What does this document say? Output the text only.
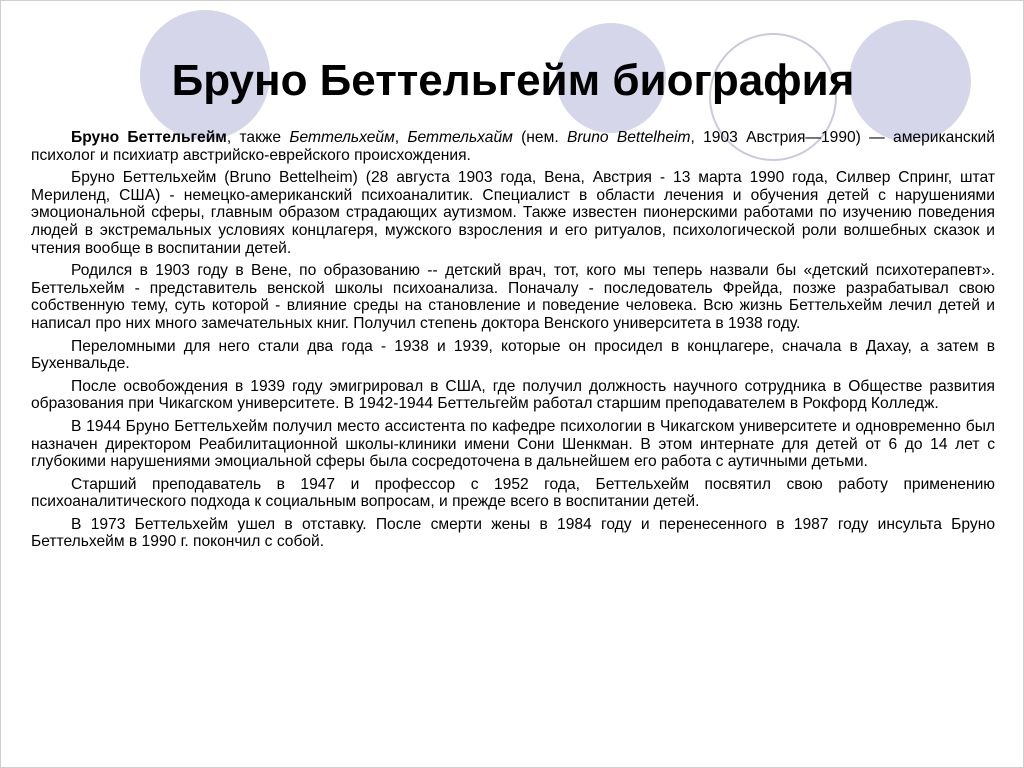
Бруно Беттельгейм биография

Бруно Беттельгейм, также Беттельхейм, Беттельхайм (нем. Bruno Bettelheim, 1903 Австрия—1990) — американский психолог и психиатр австрийско-еврейского происхождения.

Бруно Беттельхейм (Bruno Bettelheim) (28 августа 1903 года, Вена, Австрия - 13 марта 1990 года, Силвер Спринг, штат Мериленд, США) - немецко-американский психоаналитик. Специалист в области лечения и обучения детей с нарушениями эмоциональной сферы, главным образом страдающих аутизмом. Также известен пионерскими работами по изучению поведения людей в экстремальных условиях концлагеря, мужского взросления и его ритуалов, психологической роли волшебных сказок и чтения вообще в воспитании детей.

Родился в 1903 году в Вене, по образованию -- детский врач, тот, кого мы теперь назвали бы «детский психотерапевт». Беттельхейм - представитель венской школы психоанализа. Поначалу - последователь Фрейда, позже разрабатывал свою собственную тему, суть которой - влияние среды на становление и поведение человека. Всю жизнь Беттельхейм лечил детей и написал про них много замечательных книг. Получил степень доктора Венского университета в 1938 году.

Переломными для него стали два года - 1938 и 1939, которые он просидел в концлагере, сначала в Дахау, а затем в Бухенвальде.

После освобождения в 1939 году эмигрировал в США, где получил должность научного сотрудника в Обществе развития образования при Чикагском университете. В 1942-1944 Беттельгейм работал старшим преподавателем в Рокфорд Колледж.

В 1944 Бруно Беттельхейм получил место ассистента по кафедре психологии в Чикагском университете и одновременно был назначен директором Реабилитационной школы-клиники имени Сони Шенкман. В этом интернате для детей от 6 до 14 лет с глубокими нарушениями эмоциальной сферы была сосредоточена в дальнейшем его работа с аутичными детьми.

Старший преподаватель в 1947 и профессор с 1952 года, Беттельхейм посвятил свою работу применению психоаналитического подхода к социальным вопросам, и прежде всего в воспитании детей.

В 1973 Беттельхейм ушел в отставку. После смерти жены в 1984 году и перенесенного в 1987 году инсульта Бруно Беттельхейм в 1990 г. покончил с собой.
